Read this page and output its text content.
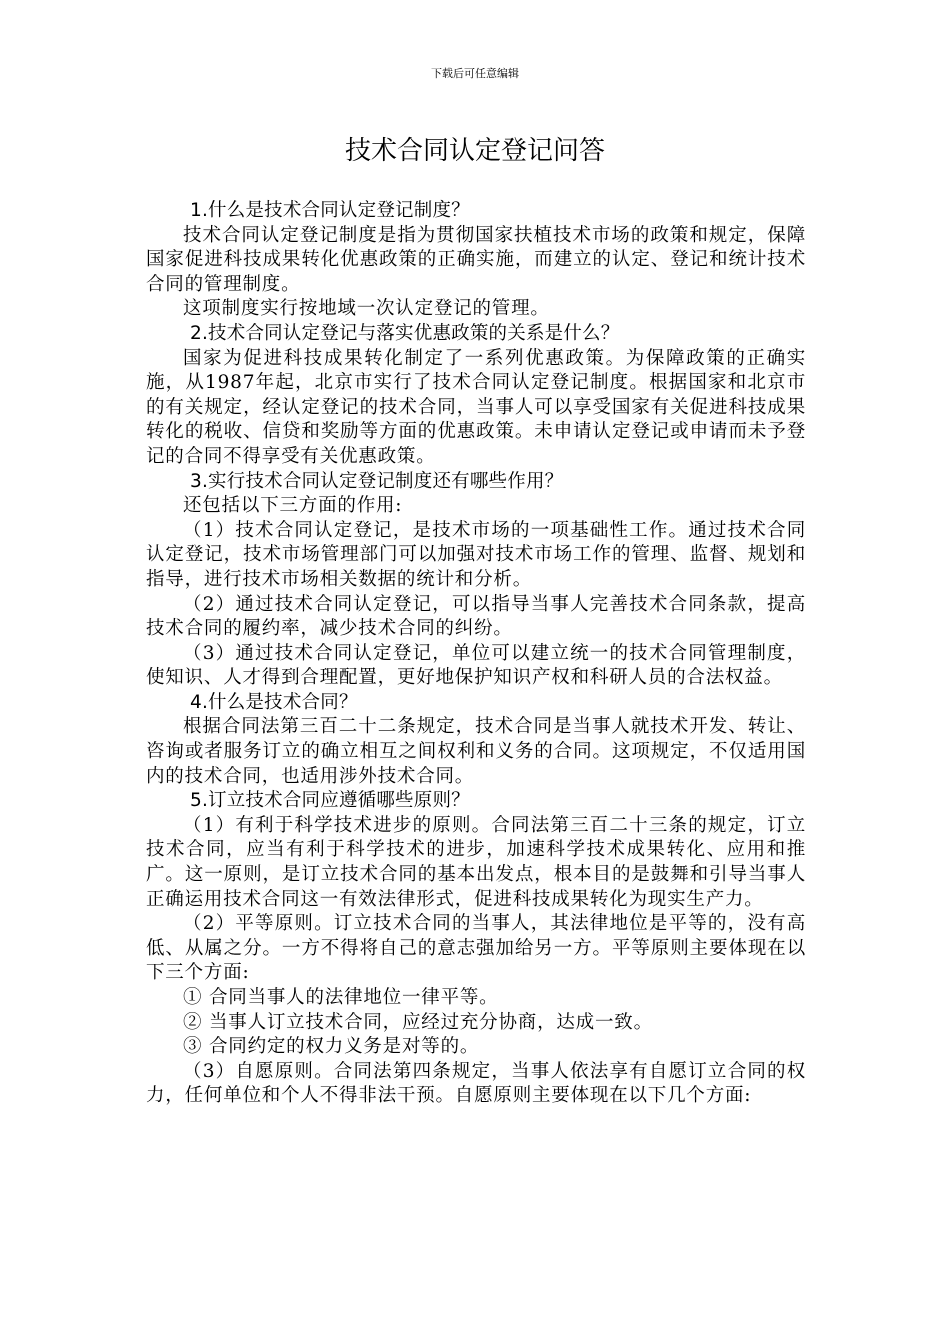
下载后可任意编辑
技术合同认定登记问答

1.什么是技术合同认定登记制度？

技术合同认定登记制度是指为贯彻国家扶植技术市场的政策和规定，保障国家促进科技成果转化优惠政策的正确实施，而建立的认定、登记和统计技术合同的管理制度。

这项制度实行按地域一次认定登记的管理。

2.技术合同认定登记与落实优惠政策的关系是什么？

国家为促进科技成果转化制定了一系列优惠政策。为保障政策的正确实施，从1987年起，北京市实行了技术合同认定登记制度。根据国家和北京市的有关规定，经认定登记的技术合同，当事人可以享受国家有关促进科技成果转化的税收、信贷和奖励等方面的优惠政策。未申请认定登记或申请而未予登记的合同不得享受有关优惠政策。

3.实行技术合同认定登记制度还有哪些作用？

还包括以下三方面的作用:

（1）技术合同认定登记，是技术市场的一项基础性工作。通过技术合同认定登记，技术市场管理部门可以加强对技术市场工作的管理、监督、规划和指导，进行技术市场相关数据的统计和分析。

（2）通过技术合同认定登记，可以指导当事人完善技术合同条款，提高技术合同的履约率，减少技术合同的纠纷。

（3）通过技术合同认定登记，单位可以建立统一的技术合同管理制度，使知识、人才得到合理配置，更好地保护知识产权和科研人员的合法权益。

4.什么是技术合同？

根据合同法第三百二十二条规定，技术合同是当事人就技术开发、转让、咨询或者服务订立的确立相互之间权利和义务的合同。这项规定，不仅适用国内的技术合同，也适用涉外技术合同。

5.订立技术合同应遵循哪些原则？

（1）有利于科学技术进步的原则。合同法第三百二十三条的规定，订立技术合同，应当有利于科学技术的进步，加速科学技术成果转化、应用和推广。这一原则，是订立技术合同的基本出发点，根本目的是鼓舞和引导当事人正确运用技术合同这一有效法律形式，促进科技成果转化为现实生产力。

（2）平等原则。订立技术合同的当事人，其法律地位是平等的，没有高低、从属之分。一方不得将自己的意志强加给另一方。平等原则主要体现在以下三个方面:

① 合同当事人的法律地位一律平等。

② 当事人订立技术合同，应经过充分协商，达成一致。

③ 合同约定的权力义务是对等的。

（3）自愿原则。合同法第四条规定，当事人依法享有自愿订立合同的权力，任何单位和个人不得非法干预。自愿原则主要体现在以下几个方面:
